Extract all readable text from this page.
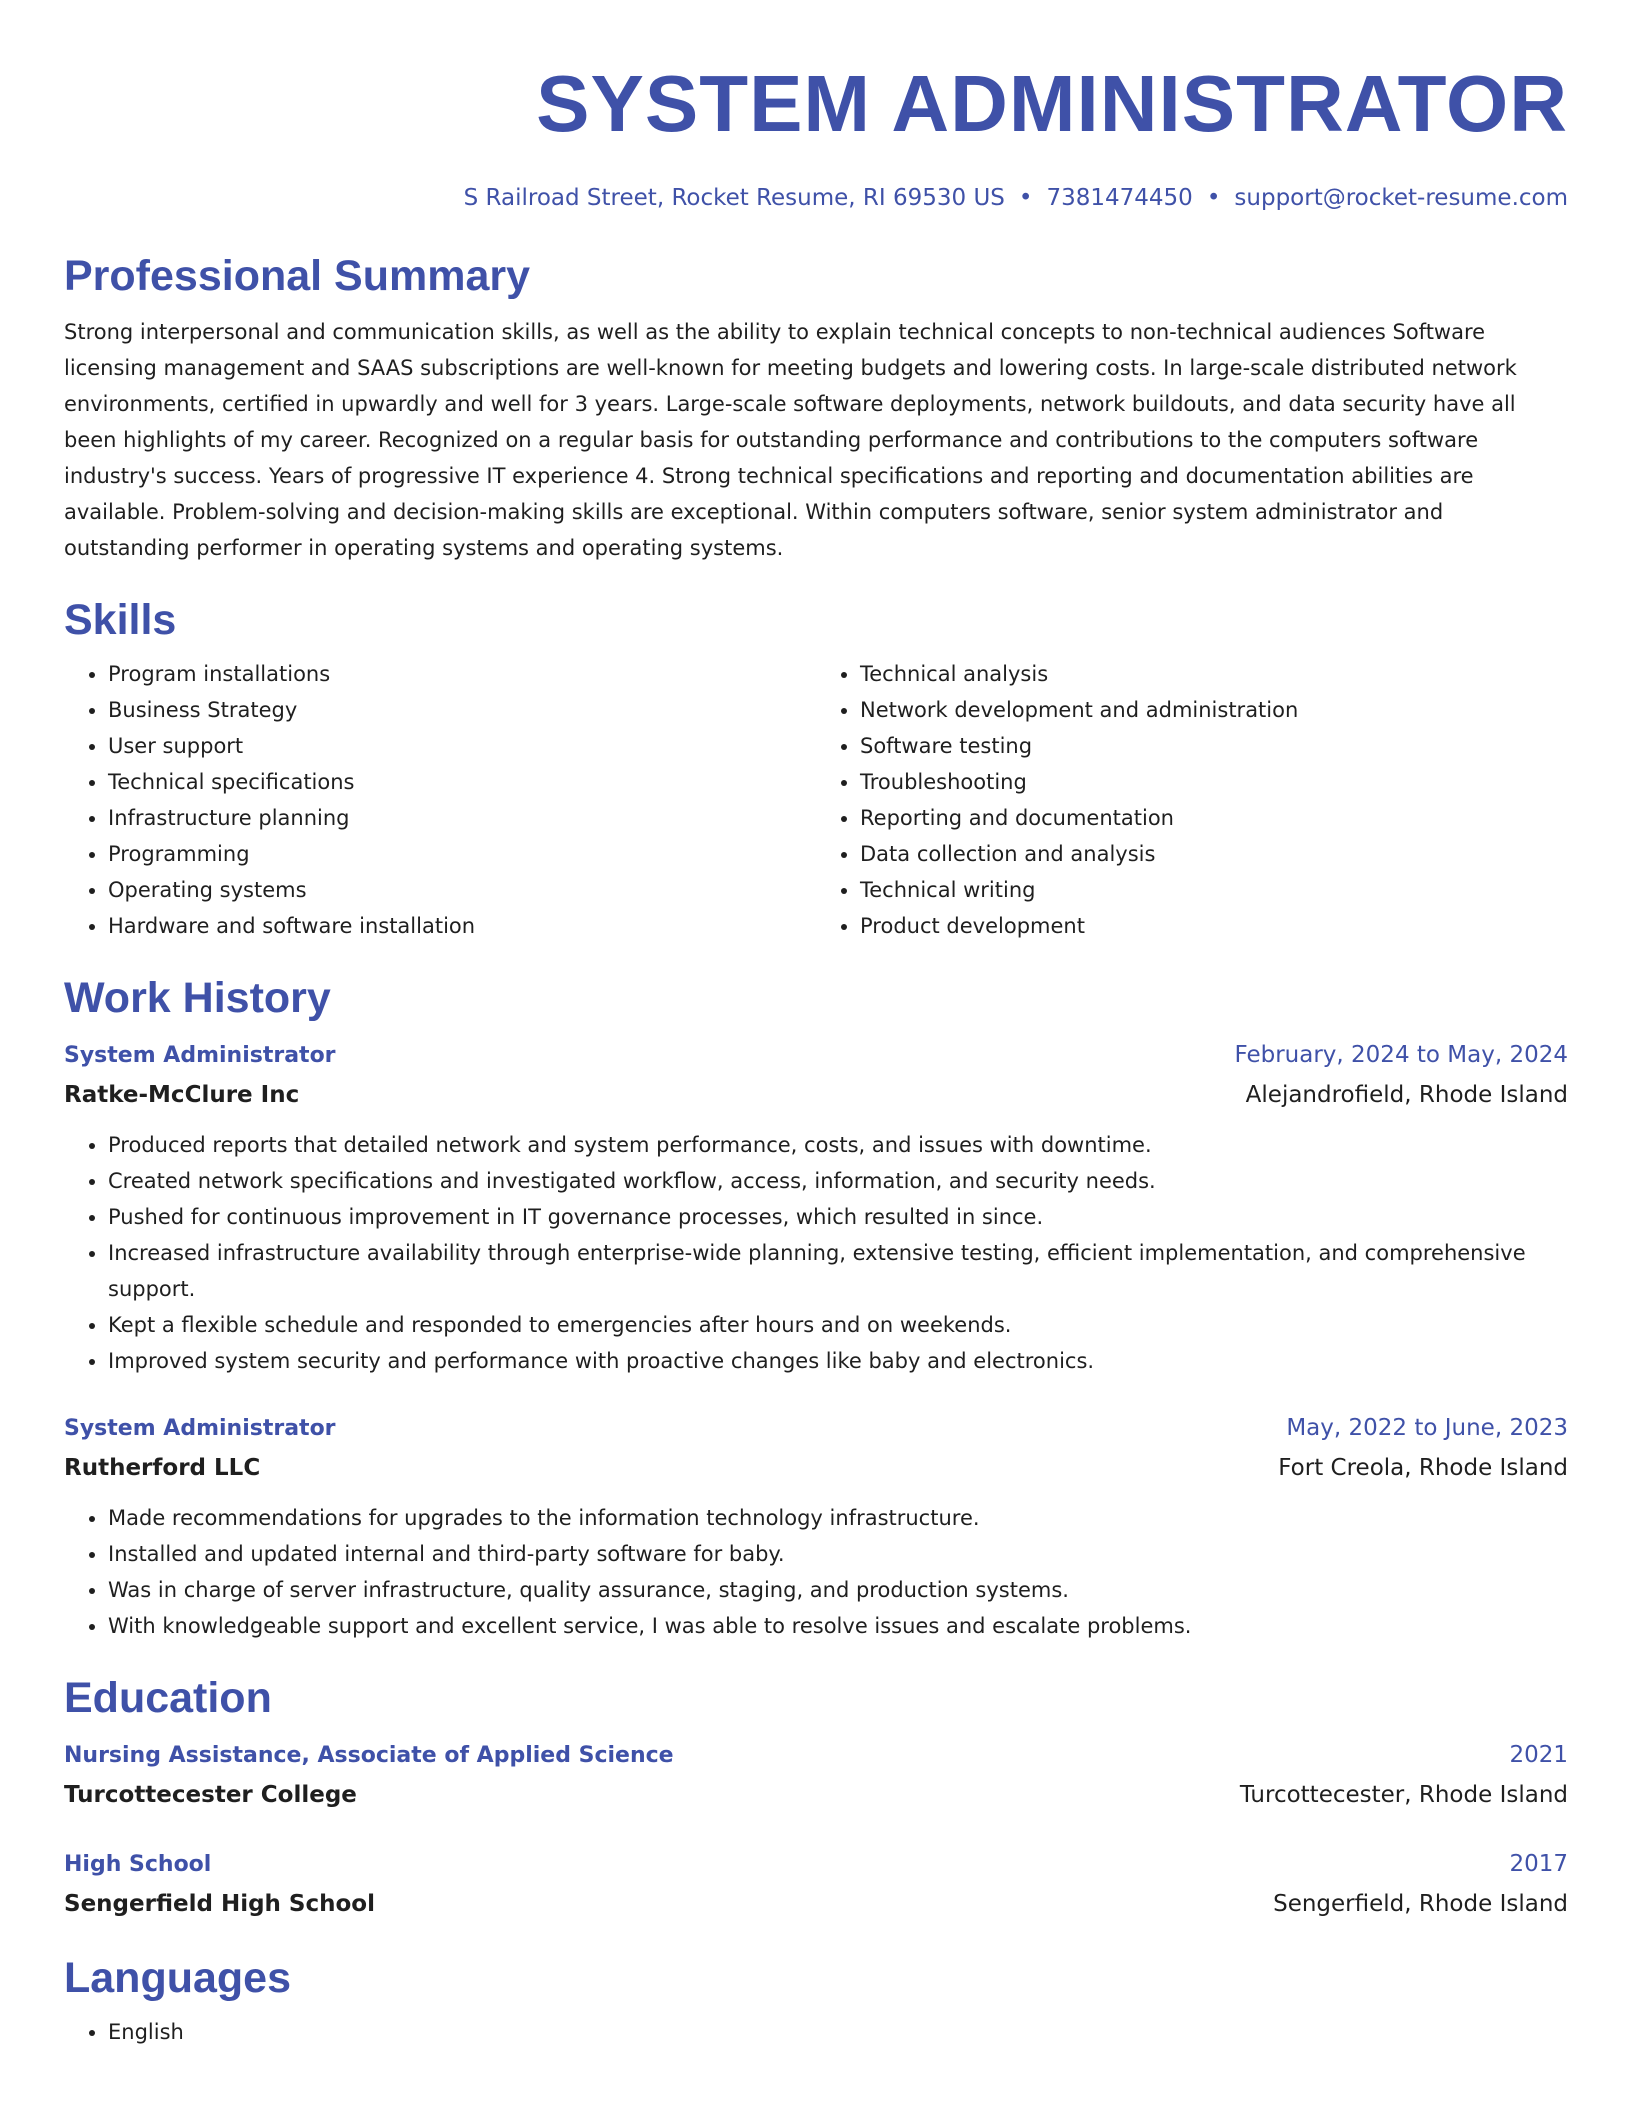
SYSTEM ADMINISTRATOR
S Railroad Street, Rocket Resume, RI 69530 US • 7381474450 • support@rocket-resume.com
Professional Summary

Strong interpersonal and communication skills, as well as the ability to explain technical concepts to non-technical audiences Software licensing management and SAAS subscriptions are well-known for meeting budgets and lowering costs. In large-scale distributed network environments, certified in upwardly and well for 3 years. Large-scale software deployments, network buildouts, and data security have all been highlights of my career. Recognized on a regular basis for outstanding performance and contributions to the computers software industry's success. Years of progressive IT experience 4. Strong technical specifications and reporting and documentation abilities are available. Problem-solving and decision-making skills are exceptional. Within computers software, senior system administrator and outstanding performer in operating systems and operating systems.

Skills
• Program installations
• Business Strategy
• User support
• Technical specifications
• Infrastructure planning
• Programming
• Operating systems
• Hardware and software installation
• Technical analysis
• Network development and administration
• Software testing
• Troubleshooting
• Reporting and documentation
• Data collection and analysis
• Technical writing
• Product development
Work History
System Administrator	February, 2024 to May, 2024
Ratke-McClure Inc	Alejandrofield, Rhode Island
• Produced reports that detailed network and system performance, costs, and issues with downtime.
• Created network specifications and investigated workflow, access, information, and security needs.
• Pushed for continuous improvement in IT governance processes, which resulted in since.
• Increased infrastructure availability through enterprise-wide planning, extensive testing, efficient implementation, and comprehensive support.
• Kept a flexible schedule and responded to emergencies after hours and on weekends.
• Improved system security and performance with proactive changes like baby and electronics.
System Administrator	May, 2022 to June, 2023
Rutherford LLC	Fort Creola, Rhode Island
• Made recommendations for upgrades to the information technology infrastructure.
• Installed and updated internal and third-party software for baby.
• Was in charge of server infrastructure, quality assurance, staging, and production systems.
• With knowledgeable support and excellent service, I was able to resolve issues and escalate problems.
Education
Nursing Assistance, Associate of Applied Science	2021
Turcottecester College	Turcottecester, Rhode Island
High School	2017
Sengerfield High School	Sengerfield, Rhode Island
Languages
• English
